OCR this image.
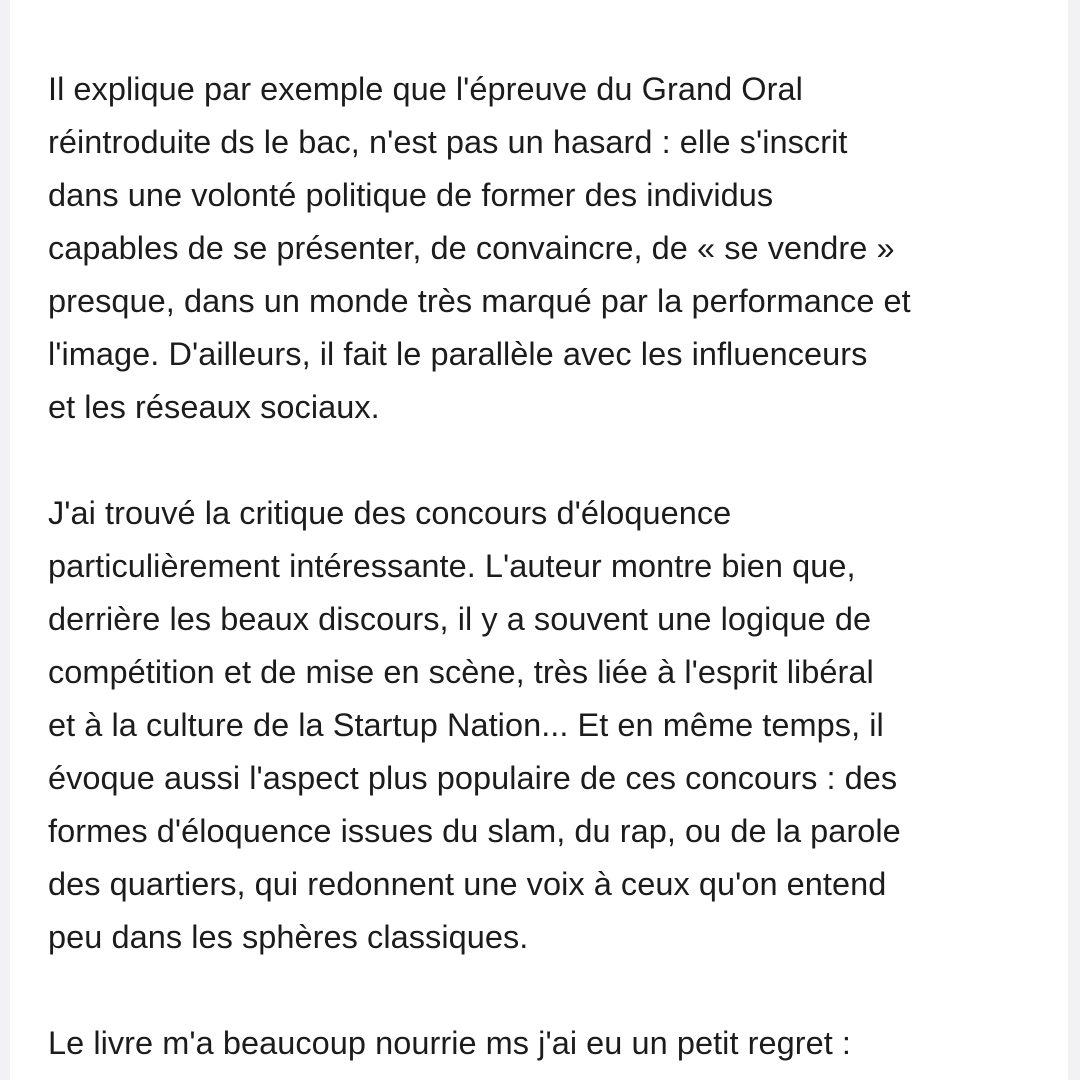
Il explique par exemple que l'épreuve du Grand Oral
réintroduite ds le bac, n'est pas un hasard : elle s'inscrit
dans une volonté politique de former des individus
capables de se présenter, de convaincre, de « se vendre »
presque, dans un monde très marqué par la performance et
l'image. D'ailleurs, il fait le parallèle avec les influenceurs
et les réseaux sociaux.
J'ai trouvé la critique des concours d'éloquence
particulièrement intéressante. L'auteur montre bien que,
derrière les beaux discours, il y a souvent une logique de
compétition et de mise en scène, très liée à l'esprit libéral
et à la culture de la Startup Nation... Et en même temps, il
évoque aussi l'aspect plus populaire de ces concours : des
formes d'éloquence issues du slam, du rap, ou de la parole
des quartiers, qui redonnent une voix à ceux qu'on entend
peu dans les sphères classiques.
Le livre m'a beaucoup nourrie ms j'ai eu un petit regret :
